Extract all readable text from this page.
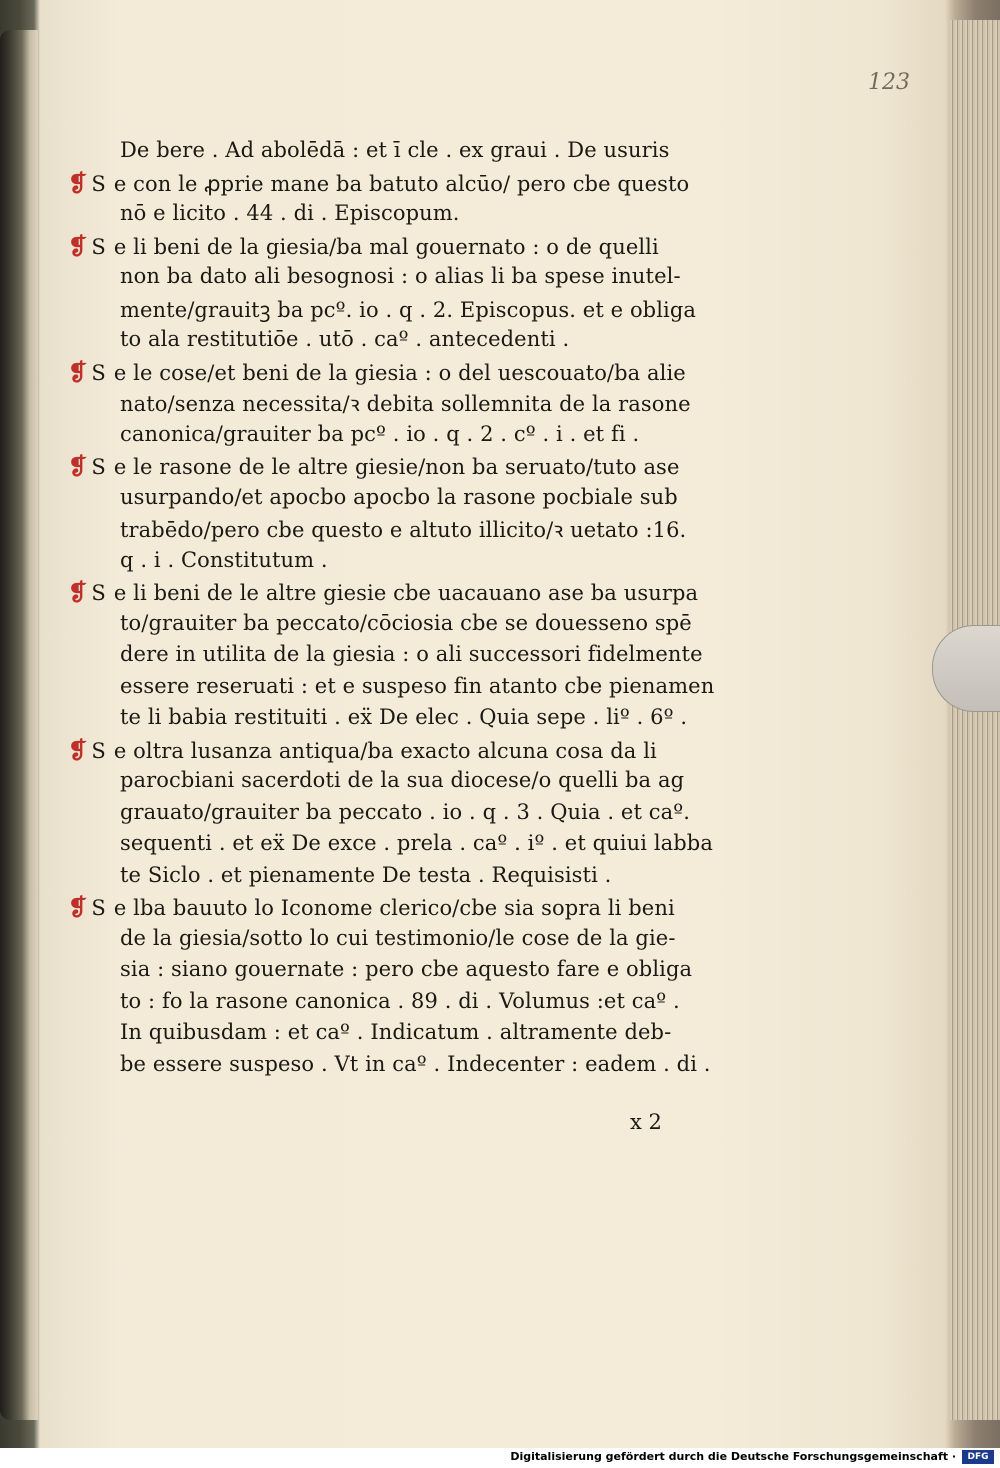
123
De bere . Ad abolēdā : et ī cle . ex graui . De usuris
❡ S e con le ꝓprie mane ba batuto alcūo/ pero cbe questo
nō e licito . 44 . di . Episcopum.
❡ S e li beni de la giesia/ba mal gouernato : o de quelli
non ba dato ali besognosi : o alias li ba spese inutel-
mente/grauitꝫ ba pcº. io . q . 2. Episcopus. et e obliga
to ala restitutiōe . utō . caº . antecedenti .
❡ S e le cose/et beni de la giesia : o del uescouato/ba alie
nato/senza necessita/ꝛ debita sollemnita de la rasone
canonica/grauiter ba pcº . io . q . 2 . cº . i . et fi .
❡ S e le rasone de le altre giesie/non ba seruato/tuto ase
usurpando/et apocbo apocbo la rasone pocbiale sub
trabēdo/pero cbe questo e altuto illicito/ꝛ uetato :16.
q . i . Constitutum .
❡ S e li beni de le altre giesie cbe uacauano ase ba usurpa
to/grauiter ba peccato/cōciosia cbe se douesseno spē
dere in utilita de la giesia : o ali successori fidelmente
essere reseruati : et e suspeso fin atanto cbe pienamen
te li babia restituiti . eẍ De elec . Quia sepe . liº . 6º .
❡ S e oltra lusanza antiqua/ba exacto alcuna cosa da li
parocbiani sacerdoti de la sua diocese/o quelli ba ag
grauato/grauiter ba peccato . io . q . 3 . Quia . et caº.
sequenti . et eẍ De exce . prela . caº . iº . et quiui labba
te Siclo . et pienamente De testa . Requisisti .
❡ S e lba bauuto lo Iconome clerico/cbe sia sopra li beni
de la giesia/sotto lo cui testimonio/le cose de la gie-
sia : siano gouernate : pero cbe aquesto fare e obliga
to : fo la rasone canonica . 89 . di . Volumus :et caº .
In quibusdam : et caº . Indicatum . altramente deb-
be essere suspeso . Vt in caº . Indecenter : eadem . di .
x 2
Digitalisierung gefördert durch die Deutsche Forschungsgemeinschaft ·	DFG
